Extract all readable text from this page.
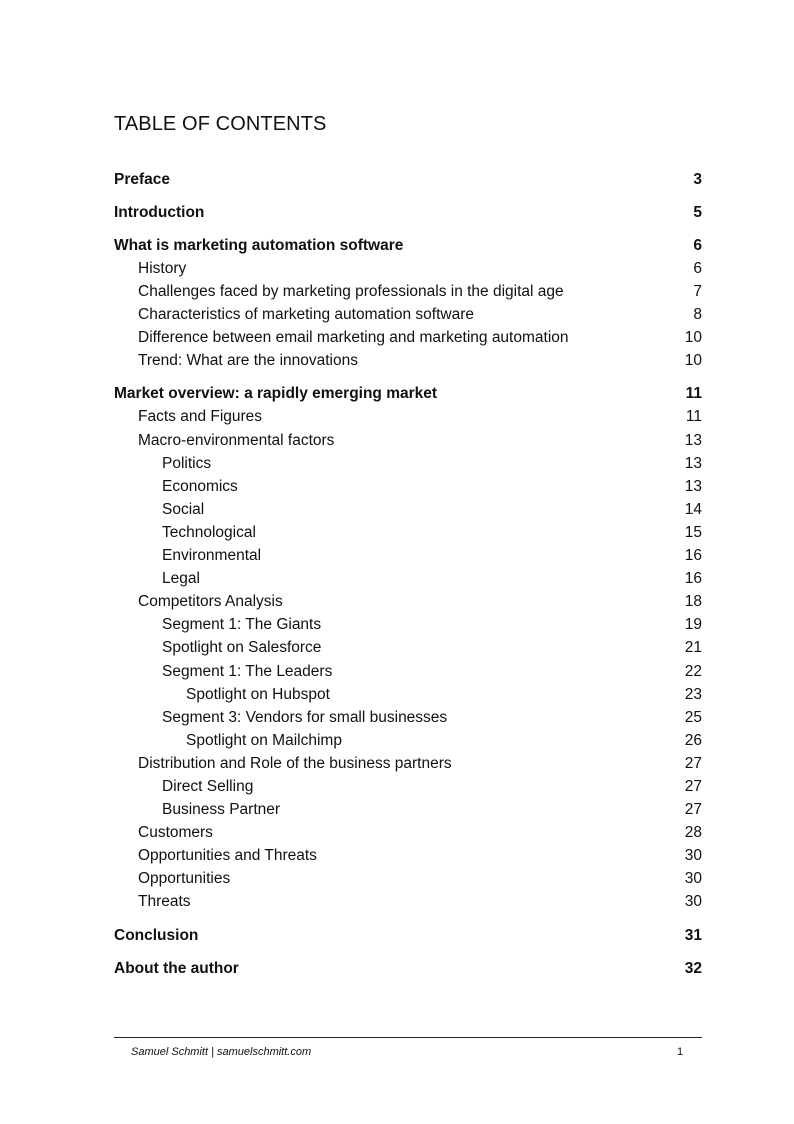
TABLE OF CONTENTS
Preface	3
Introduction	5
What is marketing automation software	6
History	6
Challenges faced by marketing professionals in the digital age	7
Characteristics of marketing automation software	8
Difference between email marketing and marketing automation	10
Trend: What are the innovations	10
Market overview: a rapidly emerging market	11
Facts and Figures	11
Macro-environmental factors	13
Politics	13
Economics	13
Social	14
Technological	15
Environmental	16
Legal	16
Competitors Analysis	18
Segment 1: The Giants	19
Spotlight on Salesforce	21
Segment 1: The Leaders	22
Spotlight on Hubspot	23
Segment 3: Vendors for small businesses	25
Spotlight on Mailchimp	26
Distribution and Role of the business partners	27
Direct Selling	27
Business Partner	27
Customers	28
Opportunities and Threats	30
Opportunities	30
Threats	30
Conclusion	31
About the author	32
Samuel Schmitt | samuelschmitt.com	1
